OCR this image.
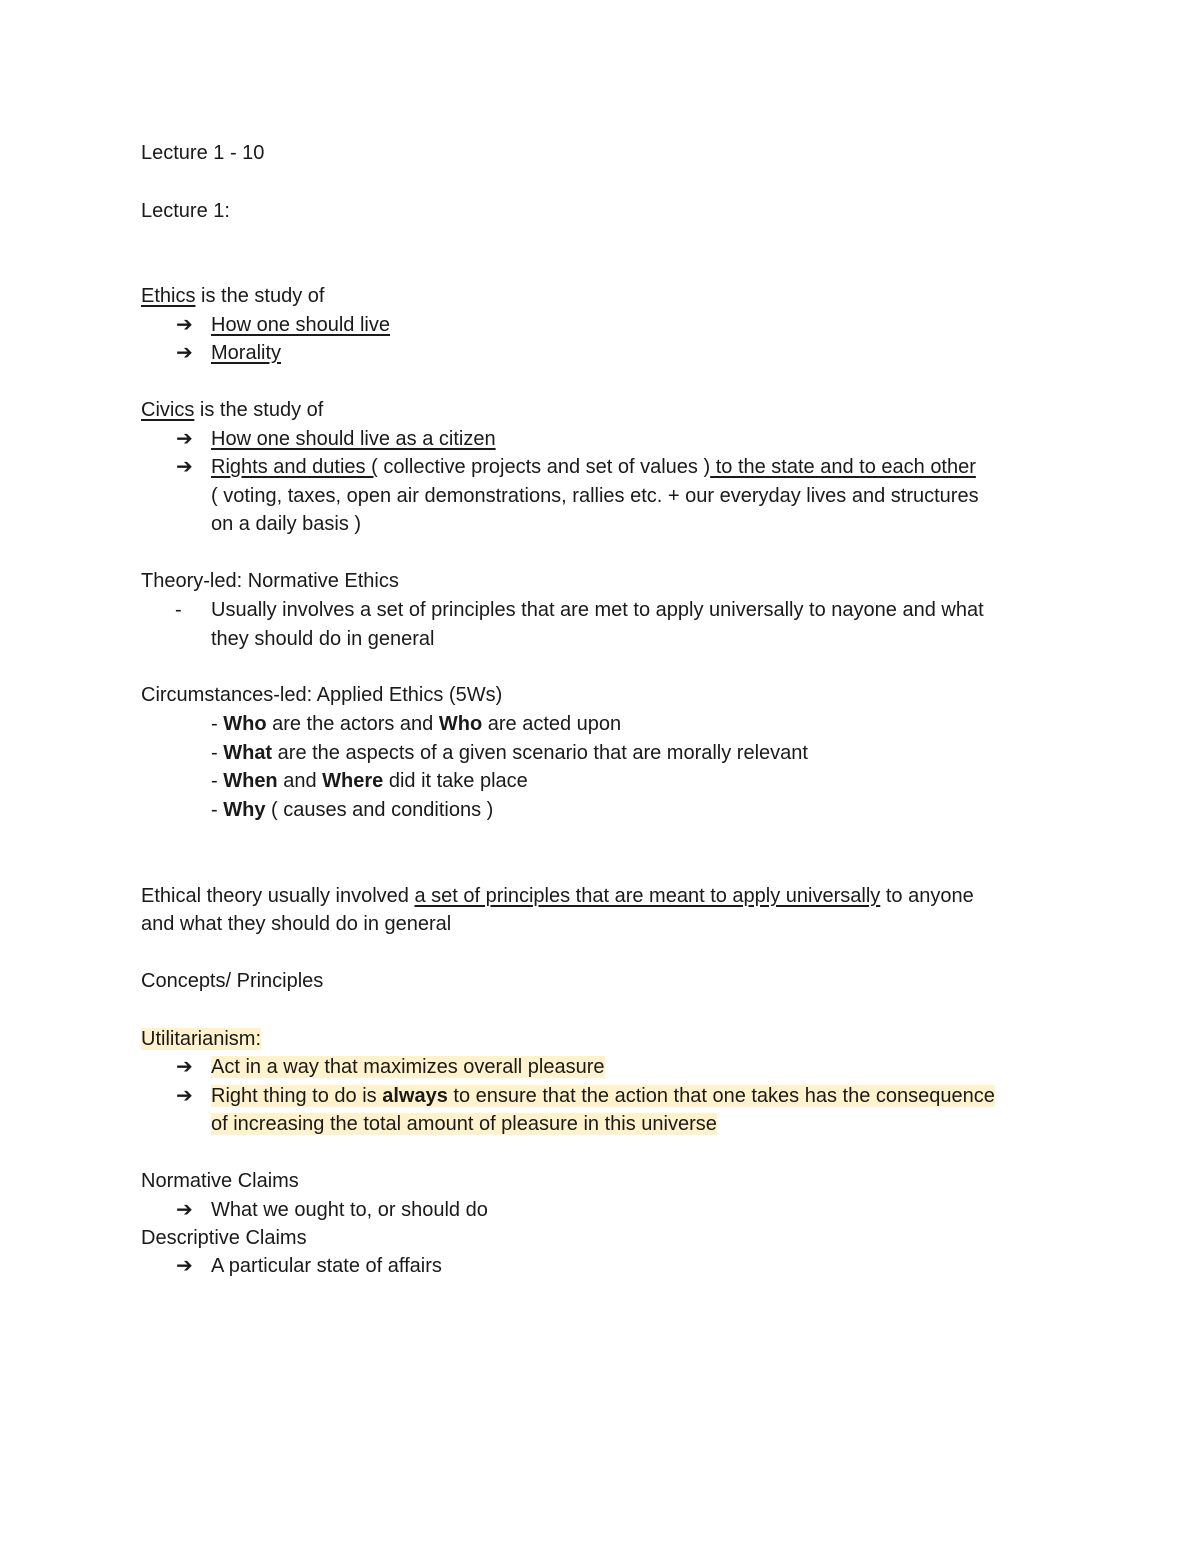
Lecture 1 - 10
Lecture 1:
Ethics is the study of
➔ How one should live
➔ Morality
Civics is the study of
➔ How one should live as a citizen
➔ Rights and duties ( collective projects and set of values ) to the state and to each other
( voting, taxes, open air demonstrations, rallies etc. + our everyday lives and structures
on a daily basis )
Theory-led: Normative Ethics
-	Usually involves a set of principles that are met to apply universally to nayone and what
they should do in general
Circumstances-led: Applied Ethics (5Ws)
- Who are the actors and Who are acted upon
- What are the aspects of a given scenario that are morally relevant
- When and Where did it take place
- Why ( causes and conditions )
Ethical theory usually involved a set of principles that are meant to apply universally to anyone
and what they should do in general
Concepts/ Principles
Utilitarianism:
➔ Act in a way that maximizes overall pleasure
➔ Right thing to do is always to ensure that the action that one takes has the consequence
of increasing the total amount of pleasure in this universe
Normative Claims
➔ What we ought to, or should do
Descriptive Claims
➔ A particular state of affairs
